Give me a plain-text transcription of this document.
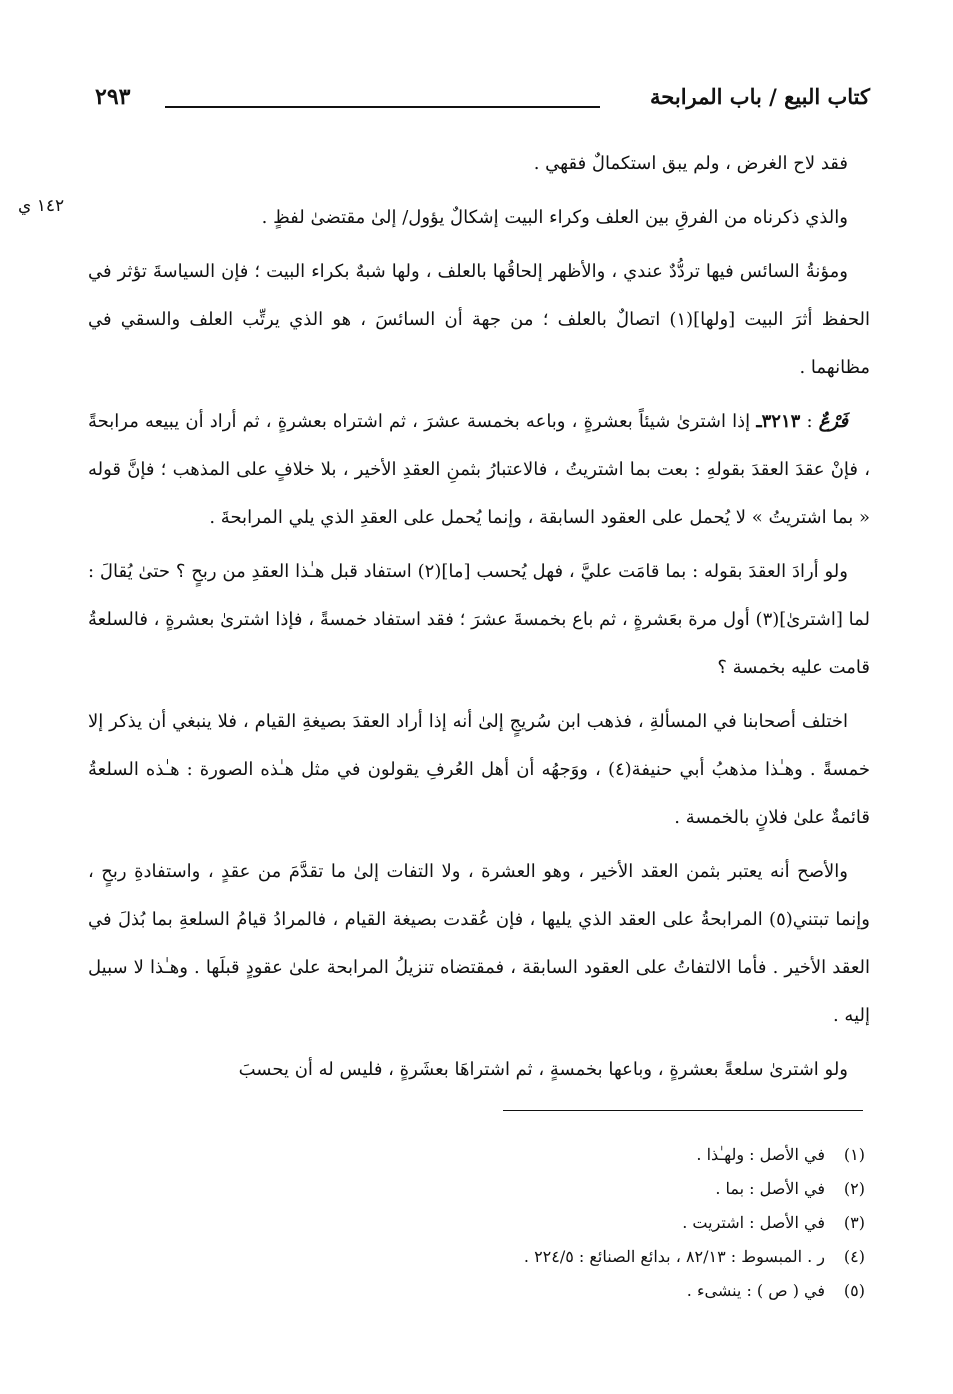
كتاب البيع / باب المرابحة
٢٩٣
١٤٢ ي

فقد لاح الغرض ، ولم يبق استكمالٌ فقهي .

والذي ذكرناه من الفرقِ بين العلف وكراء البيت إشكالٌ يؤول/ إلىٰ مقتضىٰ لفظٍ .

ومؤنةُ السائس فيها تردُّدٌ عندي ، والأظهر إلحاقُها بالعلف ، ولها شبهٌ بكراء البيت ؛ فإن السياسةَ تؤثر في الحفظ أثرَ البيت [ولها](١) اتصالٌ بالعلف ؛ من جهة أن السائسَ ، هو الذي يرتِّب العلف والسقي في مظانهما .

فَرْعٌ : ٣٢١٣ـ إذا اشترىٰ شيئاً بعشرةٍ ، وباعه بخمسة عشرَ ، ثم اشتراه بعشرةٍ ، ثم أراد أن يبيعه مرابحةً ، فإنْ عقدَ العقدَ بقولهِ : بعت بما اشتريتُ ، فالاعتبارُ بثمنِ العقدِ الأخير ، بلا خلافٍ على المذهب ؛ فإنَّ قوله « بما اشتريتُ » لا يُحمل على العقود السابقة ، وإنما يُحمل على العقدِ الذي يلي المرابحةَ .

ولو أرادَ العقدَ بقوله : بما قامَت عليَّ ، فهل يُحسب [ما](٢) استفاد قبل هـٰذا العقدِ من ربحٍ ؟ حتىٰ يُقالَ : لما [اشترىٰ](٣) أول مرة بعَشرةٍ ، ثم باع بخمسةَ عشرَ ؛ فقد استفاد خمسةً ، فإذا اشترىٰ بعشرةٍ ، فالسلعةُ قامت عليه بخمسة ؟

اختلف أصحابنا في المسألةِ ، فذهب ابن سُريجٍ إلىٰ أنه إذا أراد العقدَ بصيغةِ القيام ، فلا ينبغي أن يذكر إلا خمسةً . وهـٰذا مذهبُ أبي حنيفة(٤) ، ووَجهُه أن أهل العُرفِ يقولون في مثل هـٰذه الصورة : هـٰذه السلعةُ قائمةٌ علىٰ فلانٍ بالخمسة .

والأصح أنه يعتبر بثمن العقد الأخير ، وهو العشرة ، ولا التفات إلىٰ ما تقدَّمَ من عقدٍ ، واستفادةِ ربحٍ ، وإنما تبتني(٥) المرابحةُ على العقد الذي يليها ، فإن عُقدت بصيغة القيام ، فالمرادُ قيامُ السلعةِ بما بُذلَ في العقد الأخير . فأما الالتفاتُ على العقود السابقة ، فمقتضاه تنزيلُ المرابحة علىٰ عقودٍ قبلَها . وهـٰذا لا سبيل إليه .

ولو اشترىٰ سلعةً بعشرةٍ ، وباعها بخمسةٍ ، ثم اشتراهَا بعشَرةٍ ، فليس له أن يحسبَ

(١)
في الأصل : ولهـٰذا .
(٢)
في الأصل : بما .
(٣)
في الأصل : اشتريت .
(٤)
ر . المبسوط : ٨٢/١٣ ، بدائع الصنائع : ٢٢٤/٥ .
(٥)
في ( ص ) : ينشىء .
